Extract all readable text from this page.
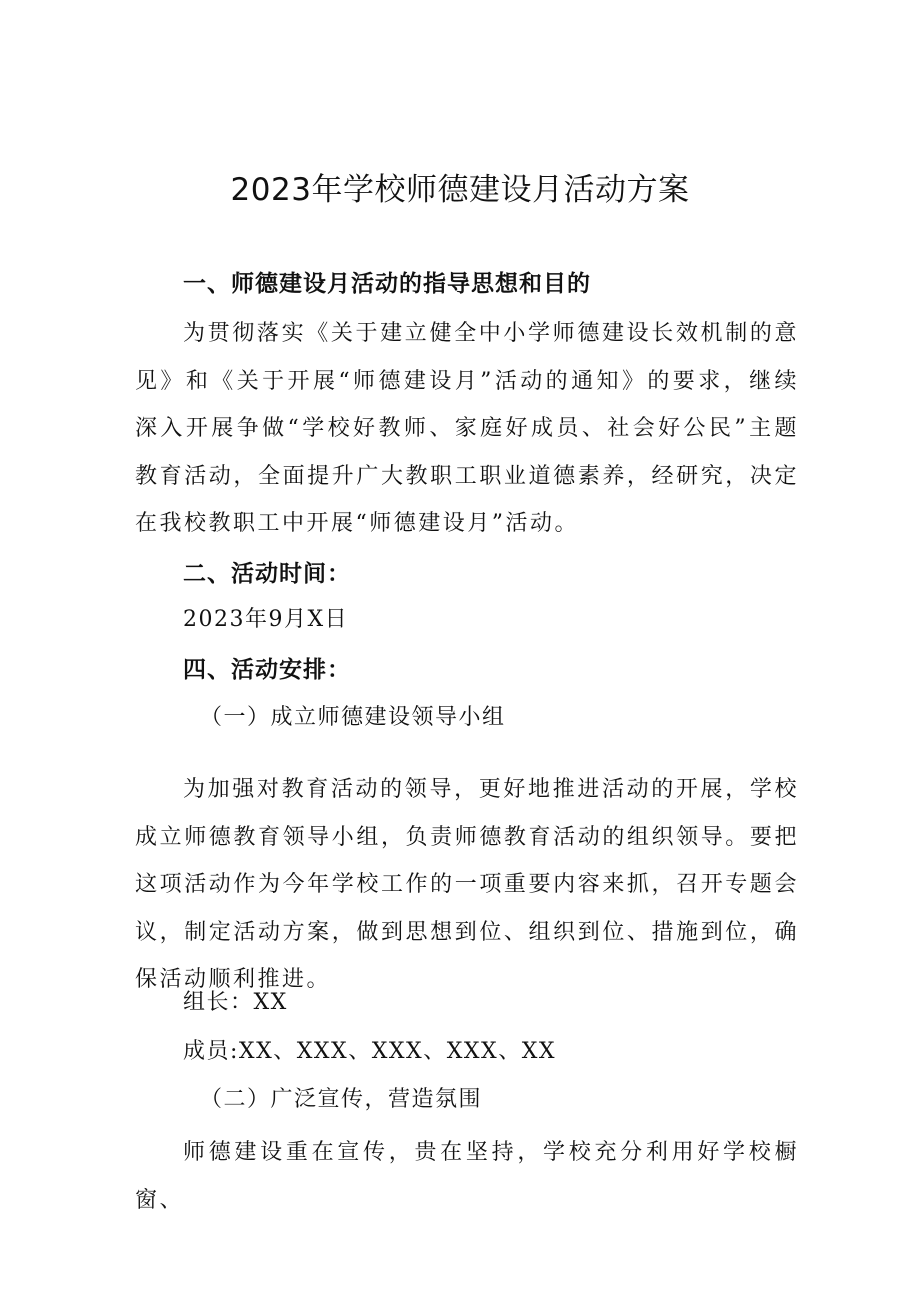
2023年学校师德建设月活动方案
一、师德建设月活动的指导思想和目的
为贯彻落实《关于建立健全中小学师德建设长效机制的意见》和《关于开展“师德建设月”活动的通知》的要求，继续深入开展争做“学校好教师、家庭好成员、社会好公民”主题教育活动，全面提升广大教职工职业道德素养，经研究，决定在我校教职工中开展“师德建设月”活动。
二、活动时间：
2023年9月X日
四、活动安排：
（一）成立师德建设领导小组
为加强对教育活动的领导，更好地推进活动的开展，学校成立师德教育领导小组，负责师德教育活动的组织领导。要把这项活动作为今年学校工作的一项重要内容来抓，召开专题会议，制定活动方案，做到思想到位、组织到位、措施到位，确保活动顺利推进。
组长：XX
成员:XX、XXX、XXX、XXX、XX
（二）广泛宣传，营造氛围
师德建设重在宣传，贵在坚持，学校充分利用好学校橱窗、
